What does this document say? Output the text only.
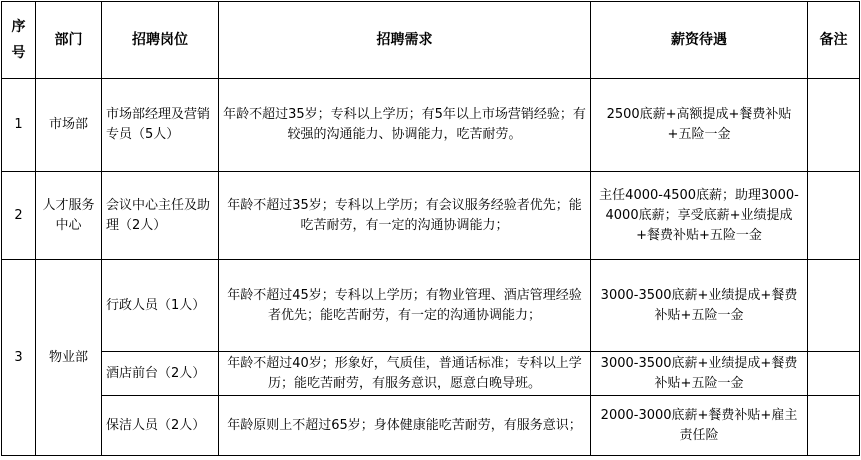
序号	部门	招聘岗位	招聘需求	薪资待遇	备注
1	市场部	市场部经理及营销专员（5人）	年龄不超过35岁；专科以上学历；有5年以上市场营销经验；有较强的沟通能力、协调能力，吃苦耐劳。	2500底薪+高额提成+餐费补贴+五险一金	
2	人才服务中心	会议中心主任及助理（2人）	年龄不超过35岁；专科以上学历；有会议服务经验者优先；能吃苦耐劳，有一定的沟通协调能力；	主任4000-4500底薪；助理3000-4000底薪；享受底薪+业绩提成+餐费补贴+五险一金	
3	物业部	行政人员（1人）	年龄不超过45岁；专科以上学历；有物业管理、酒店管理经验者优先；能吃苦耐劳，有一定的沟通协调能力；	3000-3500底薪+业绩提成+餐费补贴+五险一金	
		酒店前台（2人）	年龄不超过40岁；形象好，气质佳，普通话标准；专科以上学历；能吃苦耐劳，有服务意识，愿意白晚导班。	3000-3500底薪+业绩提成+餐费补贴+五险一金	
		保洁人员（2人）	年龄原则上不超过65岁；身体健康能吃苦耐劳，有服务意识；	2000-3000底薪+餐费补贴+雇主责任险	
